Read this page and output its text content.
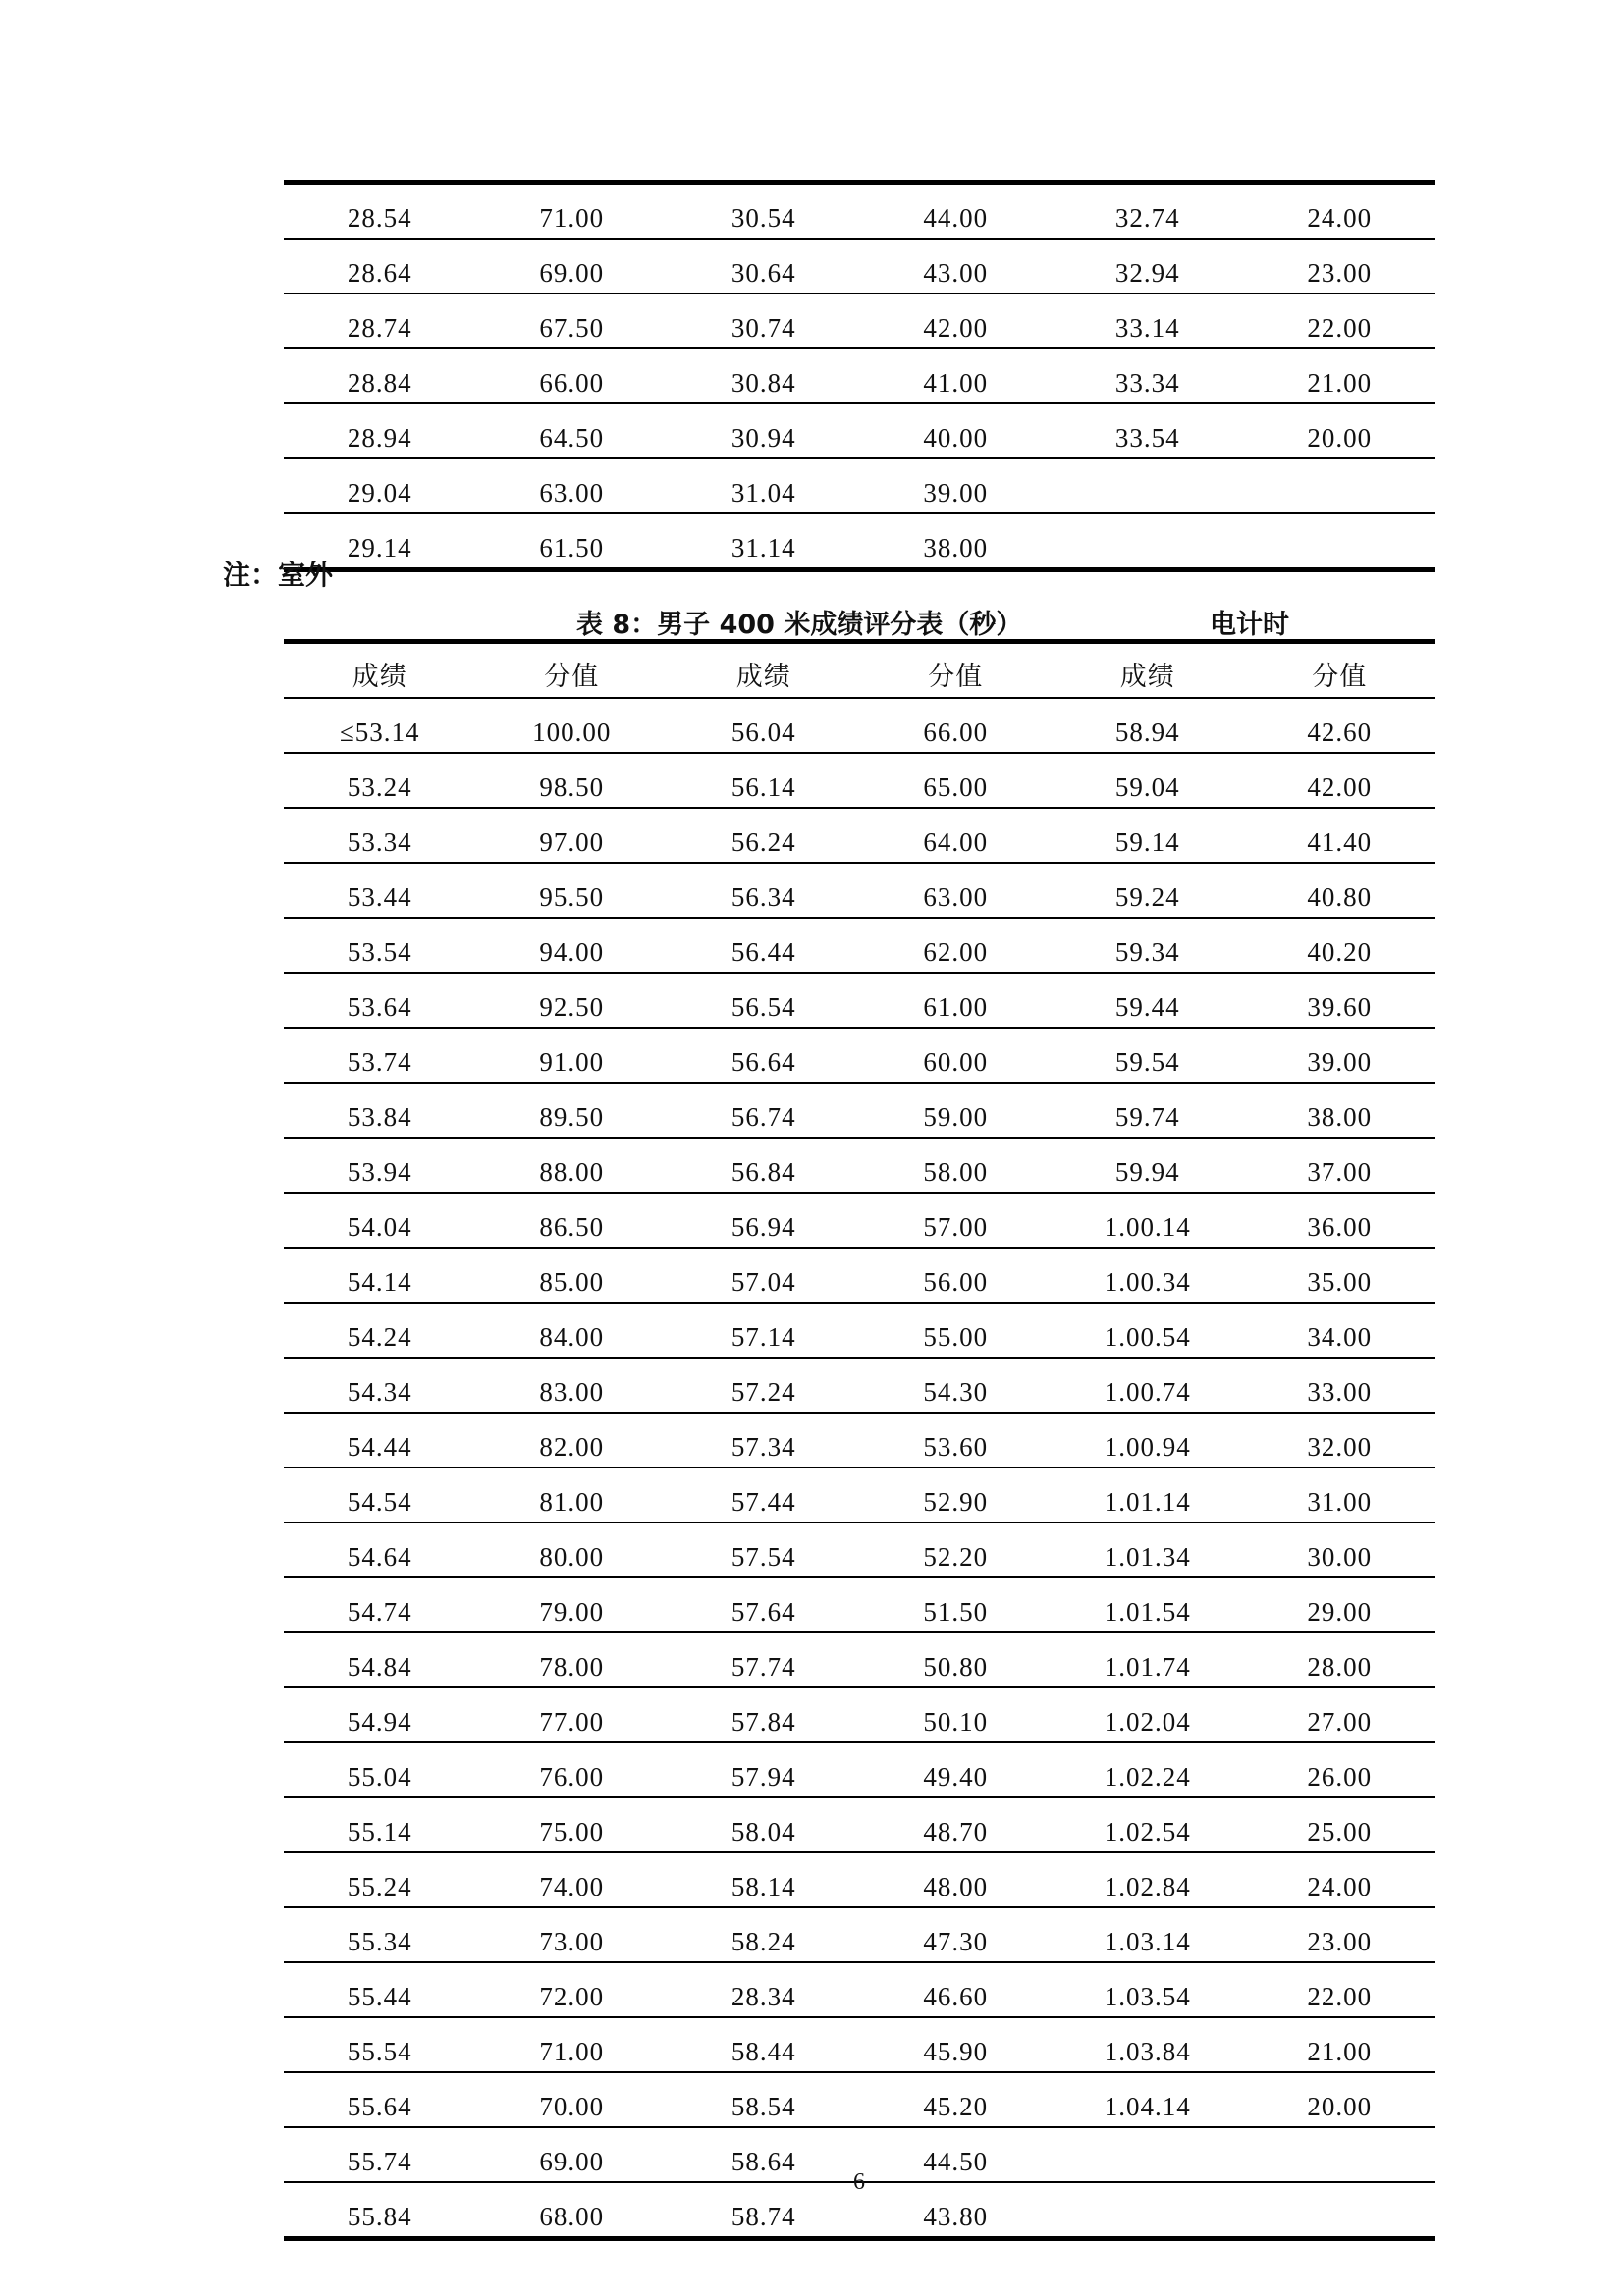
28.54	71.00	30.54	44.00	32.74	24.00
28.64	69.00	30.64	43.00	32.94	23.00
28.74	67.50	30.74	42.00	33.14	22.00
28.84	66.00	30.84	41.00	33.34	21.00
28.94	64.50	30.94	40.00	33.54	20.00
29.04	63.00	31.04	39.00		
29.14	61.50	31.14	38.00		
注：室外
表 8：男子 400 米成绩评分表（秒）	电计时
成绩	分值	成绩	分值	成绩	分值
≤53.14	100.00	56.04	66.00	58.94	42.60
53.24	98.50	56.14	65.00	59.04	42.00
53.34	97.00	56.24	64.00	59.14	41.40
53.44	95.50	56.34	63.00	59.24	40.80
53.54	94.00	56.44	62.00	59.34	40.20
53.64	92.50	56.54	61.00	59.44	39.60
53.74	91.00	56.64	60.00	59.54	39.00
53.84	89.50	56.74	59.00	59.74	38.00
53.94	88.00	56.84	58.00	59.94	37.00
54.04	86.50	56.94	57.00	1.00.14	36.00
54.14	85.00	57.04	56.00	1.00.34	35.00
54.24	84.00	57.14	55.00	1.00.54	34.00
54.34	83.00	57.24	54.30	1.00.74	33.00
54.44	82.00	57.34	53.60	1.00.94	32.00
54.54	81.00	57.44	52.90	1.01.14	31.00
54.64	80.00	57.54	52.20	1.01.34	30.00
54.74	79.00	57.64	51.50	1.01.54	29.00
54.84	78.00	57.74	50.80	1.01.74	28.00
54.94	77.00	57.84	50.10	1.02.04	27.00
55.04	76.00	57.94	49.40	1.02.24	26.00
55.14	75.00	58.04	48.70	1.02.54	25.00
55.24	74.00	58.14	48.00	1.02.84	24.00
55.34	73.00	58.24	47.30	1.03.14	23.00
55.44	72.00	28.34	46.60	1.03.54	22.00
55.54	71.00	58.44	45.90	1.03.84	21.00
55.64	70.00	58.54	45.20	1.04.14	20.00
55.74	69.00	58.64	44.50		
55.84	68.00	58.74	43.80		
6
